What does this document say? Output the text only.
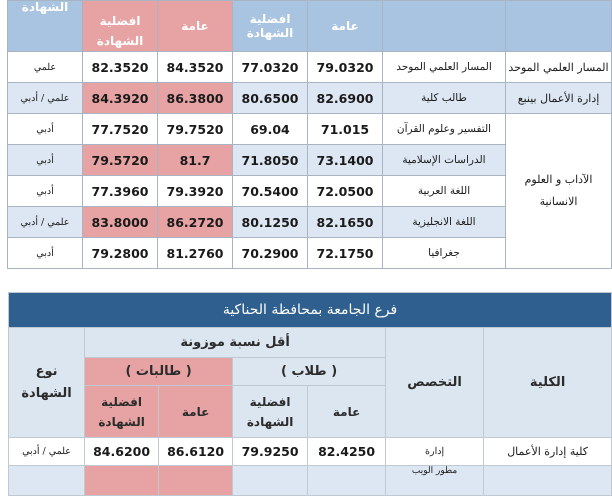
		عامة	افضلية الشهادة	عامة	افضلية الشهادة	الشهادة
المسار العلمي الموحد	المسار العلمي الموحد	79.0320	77.0320	84.3520	82.3520	علمي
إدارة الأعمال بينبع	طالب كلية	82.6900	80.6500	86.3800	84.3920	علمي / أدبي
الآداب و العلوم الانسانية	التفسير وعلوم القرآن	71.015	69.04	79.7520	77.7520	أدبي
	الدراسات الإسلامية	73.1400	71.8050	81.7	79.5720	أدبي
	اللغة العربية	72.0500	70.5400	79.3920	77.3960	أدبي
	اللغة الانجليزية	82.1650	80.1250	86.2720	83.8000	علمي / أدبي
	جغرافيا	72.1750	70.2900	81.2760	79.2800	أدبي
فرع الجامعة بمحافظة الحناكية						
الكلية	التخصص	أقل نسبة موزونة				نوع الشهادة
		( طلاب )		( طالبات )		
		عامة	افضلية الشهادة	عامة	افضلية الشهادة	
كلية إدارة الأعمال	إدارة	82.4250	79.9250	86.6120	84.6200	علمي / أدبي
	مطور الويب					
